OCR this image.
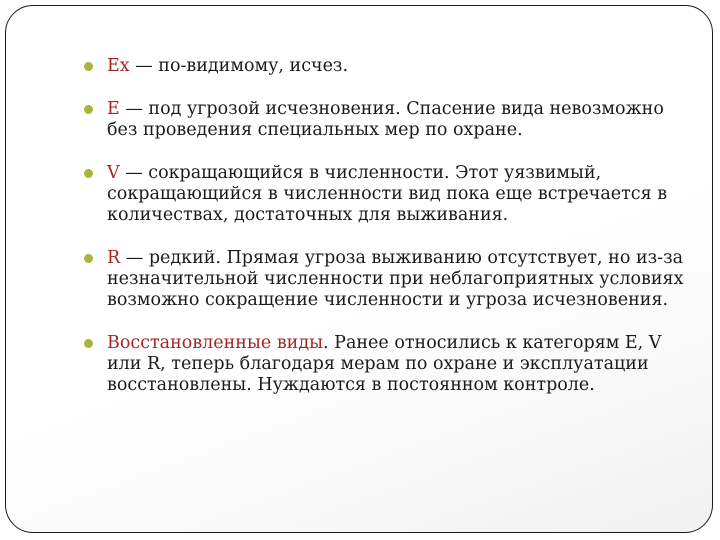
Ex — по-видимому, исчез.
E — под угрозой исчезновения. Спасение вида невозможно без проведения специальных мер по охране.
V — сокращающийся в численности. Этот уязвимый, сокращающийся в численности вид пока еще встречается в количествах, достаточных для выживания.
R — редкий. Прямая угроза выживанию отсутствует, но из-за незначительной численности при неблагоприятных условиях возможно сокращение численности и угроза исчезновения.
Восстановленные виды. Ранее относились к категорям E, V или R, теперь благодаря мерам по охране и эксплуатации восстановлены. Нуждаются в постоянном контроле.
